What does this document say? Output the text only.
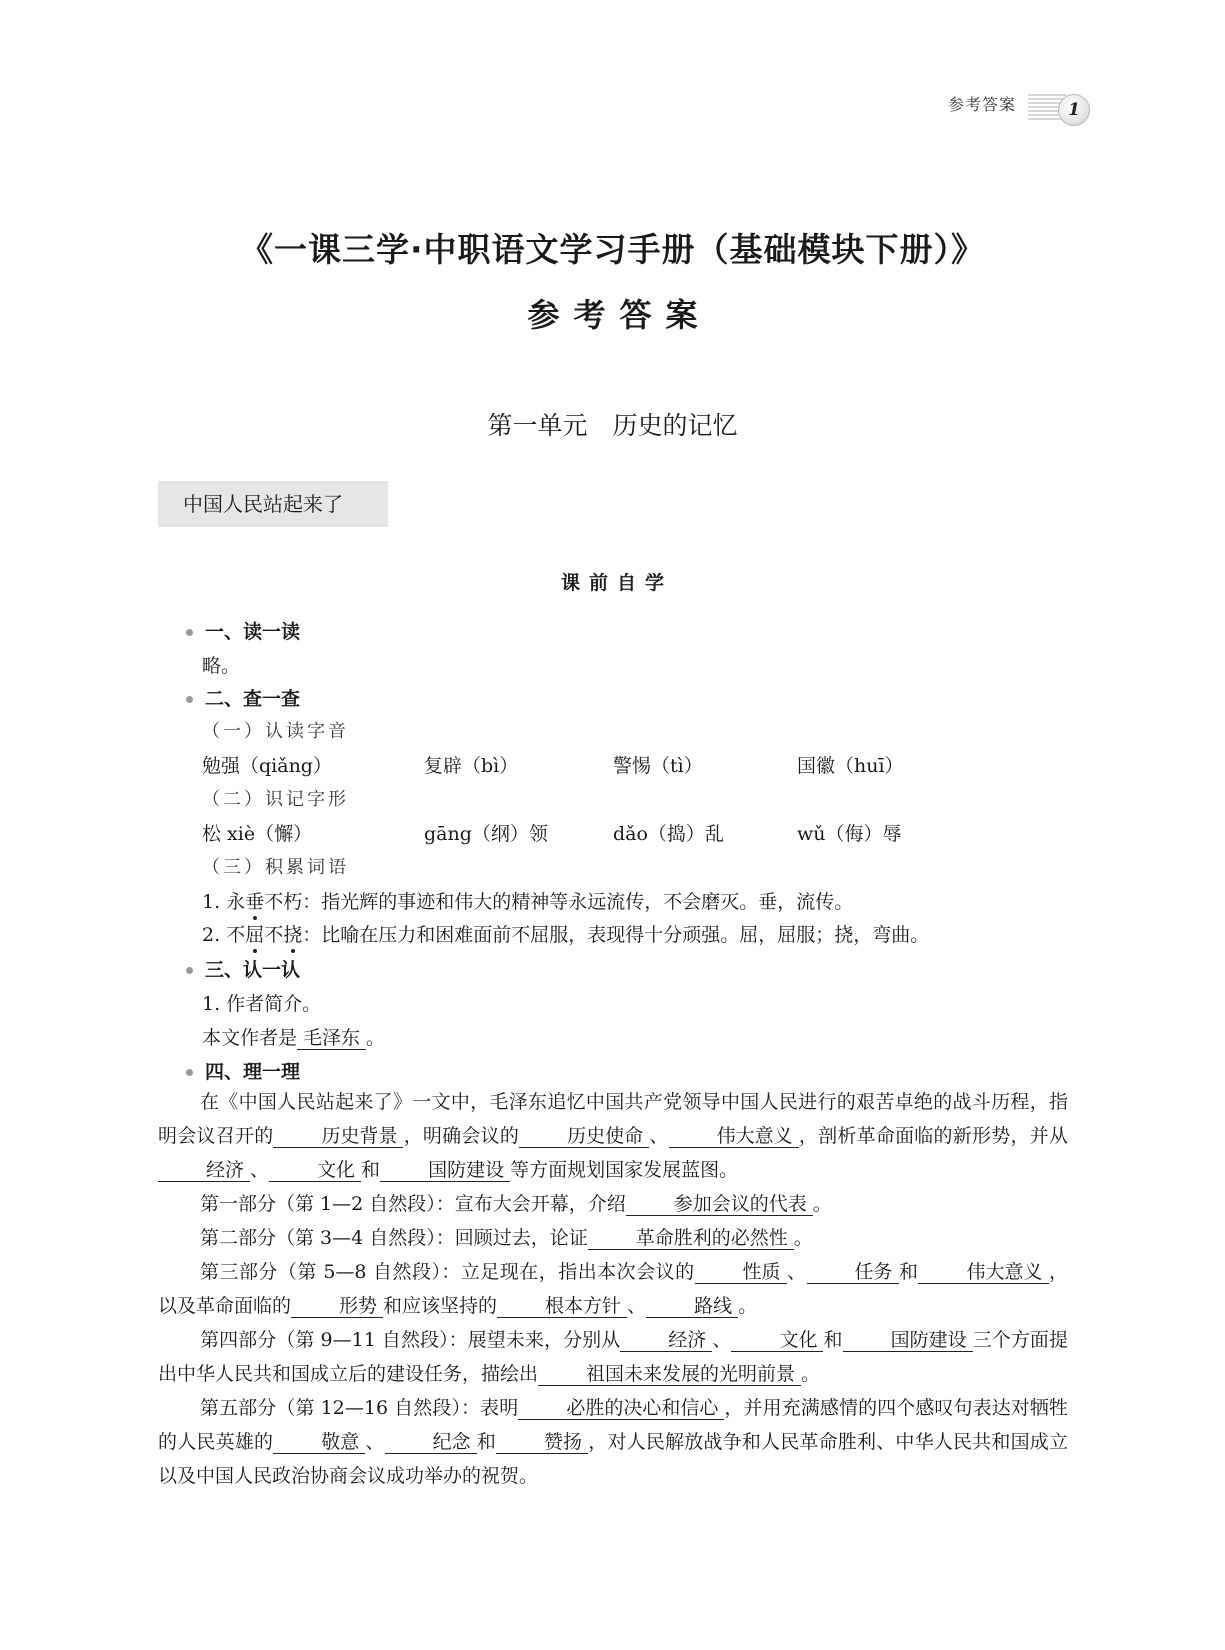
参考答案	1
《一课三学·中职语文学习手册（基础模块下册）》
参考答案
第一单元　历史的记忆
中国人民站起来了
课前自学
一、读一读
略。
二、查一查
（一）认读字音
勉强（qiǎng）	复辟（bì）	警惕（tì）	国徽（huī）
（二）识记字形
松 xiè（懈）	gāng（纲）领	dǎo（捣）乱	wǔ（侮）辱
（三）积累词语
1. 永垂不朽：指光辉的事迹和伟大的精神等永远流传，不会磨灭。垂，流传。
2. 不屈不挠：比喻在压力和困难面前不屈服，表现得十分顽强。屈，屈服；挠，弯曲。
三、认一认
1. 作者简介。
本文作者是 毛泽东 。
四、理一理

在《中国人民站起来了》一文中，毛泽东追忆中国共产党领导中国人民进行的艰苦卓绝的战斗历程，指明会议召开的	历史背景 ，明确会议的	历史使命 、	伟大意义 ，剖析革命面临的新形势，并从经济 、	文化 和	国防建设 等方面规划国家发展蓝图。

第一部分（第 1—2 自然段）：宣布大会开幕，介绍	参加会议的代表 。

第二部分（第 3—4 自然段）：回顾过去，论证	革命胜利的必然性 。

第三部分（第 5—8 自然段）：立足现在，指出本次会议的	性质 、	任务 和	伟大意义 ，以及革命面临的	形势 和应该坚持的	根本方针 、	路线 。

第四部分（第 9—11 自然段）：展望未来，分别从	经济 、	文化 和	国防建设 三个方面提出中华人民共和国成立后的建设任务，描绘出	祖国未来发展的光明前景 。

第五部分（第 12—16 自然段）：表明	必胜的决心和信心 ，并用充满感情的四个感叹句表达对牺牲的人民英雄的	敬意 、	纪念 和	赞扬 ，对人民解放战争和人民革命胜利、中华人民共和国成立以及中国人民政治协商会议成功举办的祝贺。
